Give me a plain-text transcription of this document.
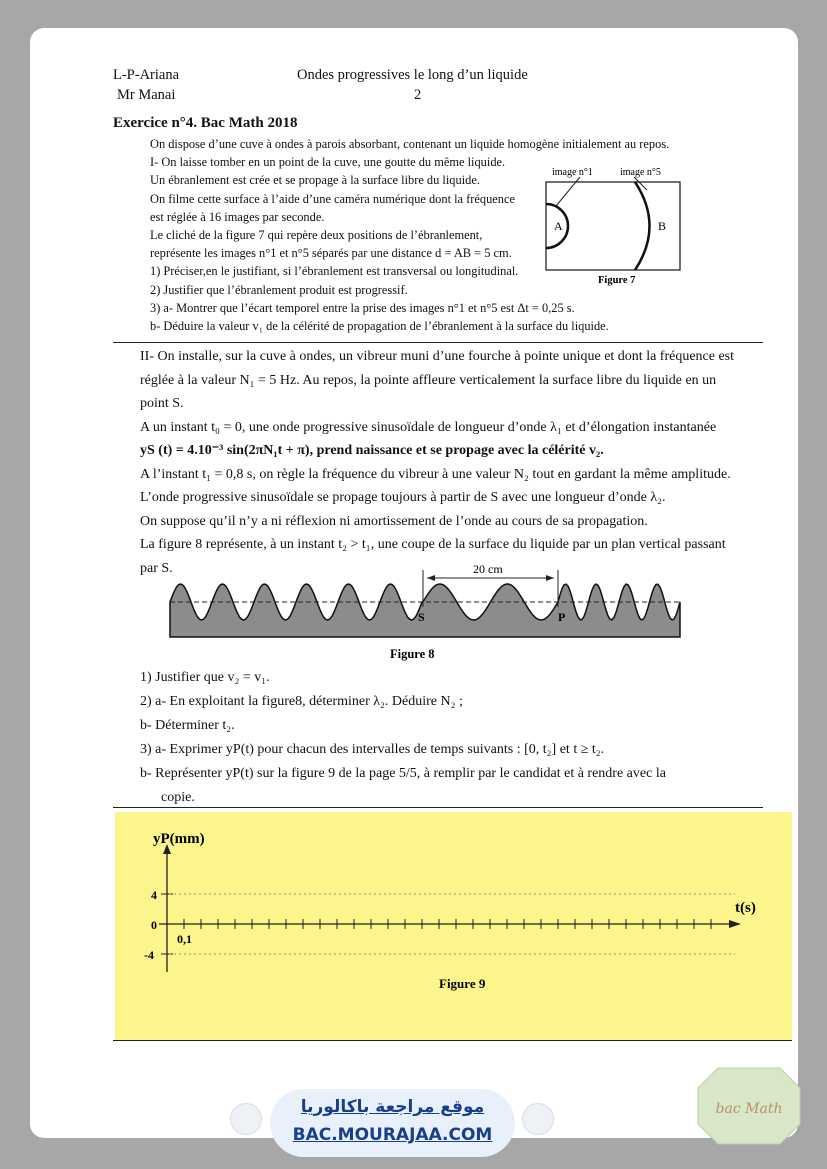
L-P-Ariana
Mr Manai
Ondes progressives le long d’un liquide
2
Exercice n°4. Bac Math 2018

On dispose d’une cuve à ondes à parois absorbant, contenant un liquide homogène initialement au repos.

I- On laisse tomber en un point de la cuve, une goutte du même liquide.

Un ébranlement est crée et se propage à la surface libre du liquide.

On filme cette surface à l’aide d’une caméra numérique dont la fréquence

est réglée à 16 images par seconde.

Le cliché de la figure 7 qui repère deux positions de l’ébranlement,

représente les images n°1 et n°5 séparés par une distance d = AB = 5 cm.

1) Préciser,en le justifiant, si l’ébranlement est transversal ou longitudinal.

2) Justifier que l’ébranlement produit est progressif.

3) a- Montrer que l’écart temporel entre la prise des images n°1 et n°5 est Δt = 0,25 s.

b- Déduire la valeur v₁ de la célérité de propagation de l’ébranlement à la surface du liquide.

image n°1	image n°5
A	B
Figure 7

II- On installe, sur la cuve à ondes, un vibreur muni d’une fourche à pointe unique et dont la fréquence est

réglée à la valeur N₁ = 5 Hz. Au repos, la pointe affleure verticalement la surface libre du liquide en un

point S.

A un instant t₀ = 0, une onde progressive sinusoïdale de longueur d’onde λ₁ et d’élongation instantanée

yS (t) = 4.10⁻³ sin(2πN₁t + π), prend naissance et se propage avec la célérité v₂.

A l’instant t₁ = 0,8 s, on règle la fréquence du vibreur à une valeur N₂ tout en gardant la même amplitude.

L’onde progressive sinusoïdale se propage toujours à partir de S avec une longueur d’onde λ₂.

On suppose qu’il n’y a ni réflexion ni amortissement de l’onde au cours de sa propagation.

La figure 8 représente, à un instant t₂ > t₁, une coupe de la surface du liquide par un plan vertical passant

par S.	20 cm
S	P
Figure 8

1) Justifier que v₂ = v₁.

2) a- En exploitant la figure8, déterminer λ₂. Déduire N₂ ;

b- Déterminer t₂.

3) a- Exprimer yP(t) pour chacun des intervalles de temps suivants : [0, t₂] et t ≥ t₂.

b- Représenter yP(t) sur la figure 9 de la page 5/5, à remplir par le candidat et à rendre avec la

copie.

yP(mm)
t(s)
4
0
-4
0,1
Figure 9
موقع مراجعة باكالوريا
BAC.MOURAJAA.COM
bac Math
